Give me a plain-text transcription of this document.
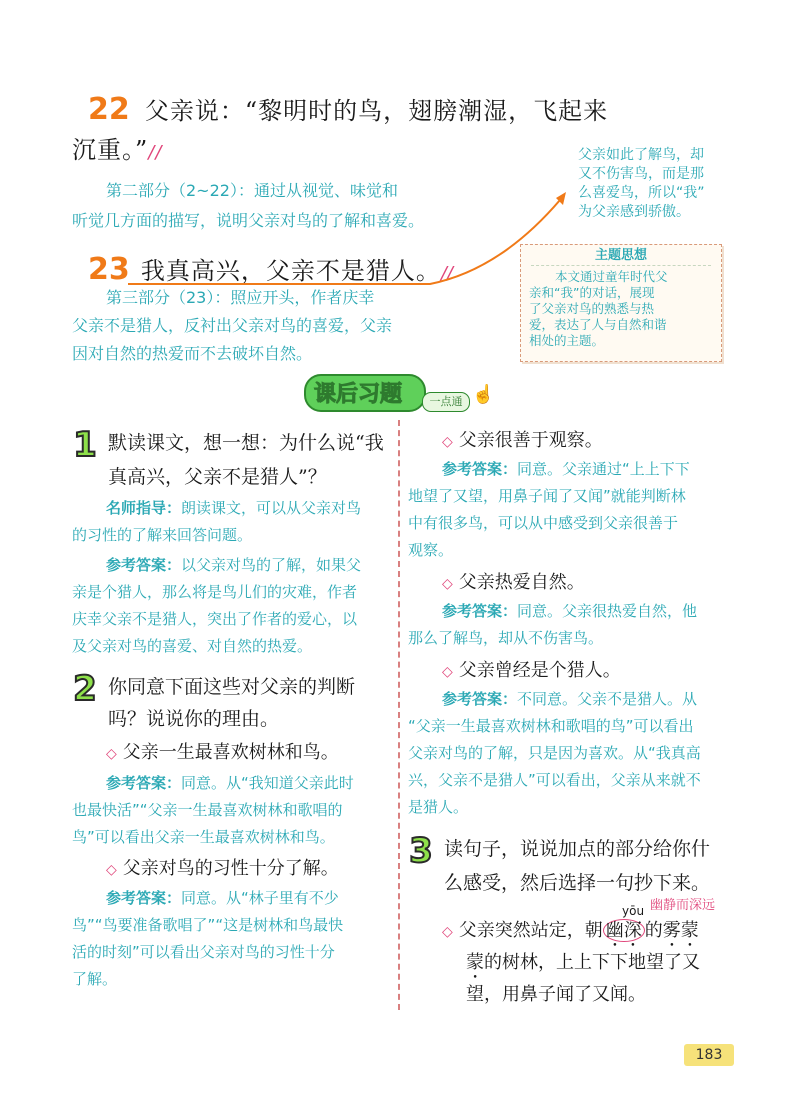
22 父亲说：“黎明时的鸟，翅膀潮湿，飞起来
沉重。”//
第二部分（2~22）：通过从视觉、味觉和
听觉几方面的描写，说明父亲对鸟的了解和喜爱。
23 我真高兴，父亲不是猎人。//
第三部分（23）：照应开头，作者庆幸
父亲不是猎人，反衬出父亲对鸟的喜爱，父亲
因对自然的热爱而不去破坏自然。
父亲如此了解鸟，却
又不伤害鸟，而是那
么喜爱鸟，所以“我”
为父亲感到骄傲。
主题思想
本文通过童年时代父
亲和“我”的对话，展现
了父亲对鸟的熟悉与热
爱，表达了人与自然和谐
相处的主题。
课后习题	一点通 ☝
1 默读课文，想一想：为什么说“我
真高兴，父亲不是猎人”？
名师指导：朗读课文，可以从父亲对鸟
的习性的了解来回答问题。
参考答案：以父亲对鸟的了解，如果父
亲是个猎人，那么将是鸟儿们的灾难，作者
庆幸父亲不是猎人，突出了作者的爱心，以
及父亲对鸟的喜爱、对自然的热爱。
2 你同意下面这些对父亲的判断
吗？说说你的理由。
◇ 父亲一生最喜欢树林和鸟。
参考答案：同意。从“我知道父亲此时
也最快活”“父亲一生最喜欢树林和歌唱的
鸟”可以看出父亲一生最喜欢树林和鸟。
◇ 父亲对鸟的习性十分了解。
参考答案：同意。从“林子里有不少
鸟”“鸟要准备歌唱了”“这是树林和鸟最快
活的时刻”可以看出父亲对鸟的习性十分
了解。
◇ 父亲很善于观察。
参考答案：同意。父亲通过“上上下下
地望了又望，用鼻子闻了又闻”就能判断林
中有很多鸟，可以从中感受到父亲很善于
观察。
◇ 父亲热爱自然。
参考答案：同意。父亲很热爱自然，他
那么了解鸟，却从不伤害鸟。
◇ 父亲曾经是个猎人。
参考答案：不同意。父亲不是猎人。从
“父亲一生最喜欢树林和歌唱的鸟”可以看出
父亲对鸟的了解，只是因为喜欢。从“我真高
兴，父亲不是猎人”可以看出，父亲从来就不
是猎人。
3 读句子，说说加点的部分给你什
么感受，然后选择一句抄下来。
幽静而深远
yōu
◇ 父亲突然站定，朝 幽深 的雾蒙
蒙的树林，上上下下地望了又
望，用鼻子闻了又闻。
183
